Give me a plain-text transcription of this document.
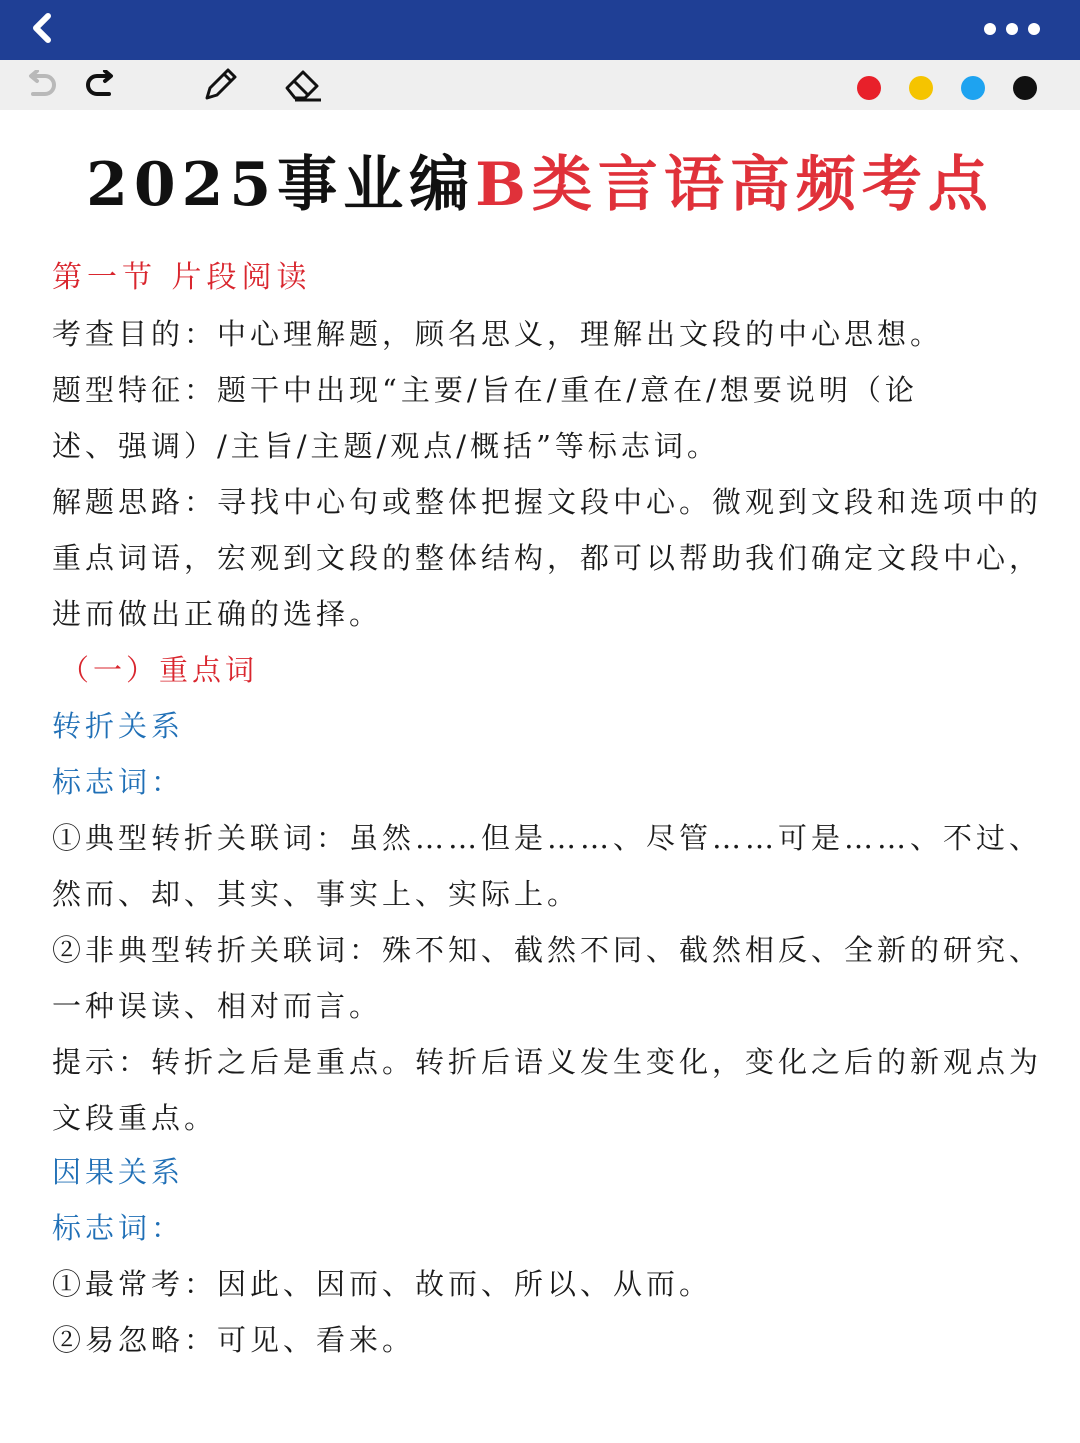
2025事业编B类言语高频考点
第一节 片段阅读
考查目的：中心理解题，顾名思义，理解出文段的中心思想。
题型特征：题干中出现“主要/旨在/重在/意在/想要说明（论
述、强调）/主旨/主题/观点/概括”等标志词。
解题思路：寻找中心句或整体把握文段中心。微观到文段和选项中的
重点词语，宏观到文段的整体结构，都可以帮助我们确定文段中心，
进而做出正确的选择。
（一）重点词
转折关系
标志词：
①典型转折关联词：虽然……但是……、尽管……可是……、不过、
然而、却、其实、事实上、实际上。
②非典型转折关联词：殊不知、截然不同、截然相反、全新的研究、
一种误读、相对而言。
提示：转折之后是重点。转折后语义发生变化，变化之后的新观点为
文段重点。
因果关系
标志词：
①最常考：因此、因而、故而、所以、从而。
②易忽略：可见、看来。
